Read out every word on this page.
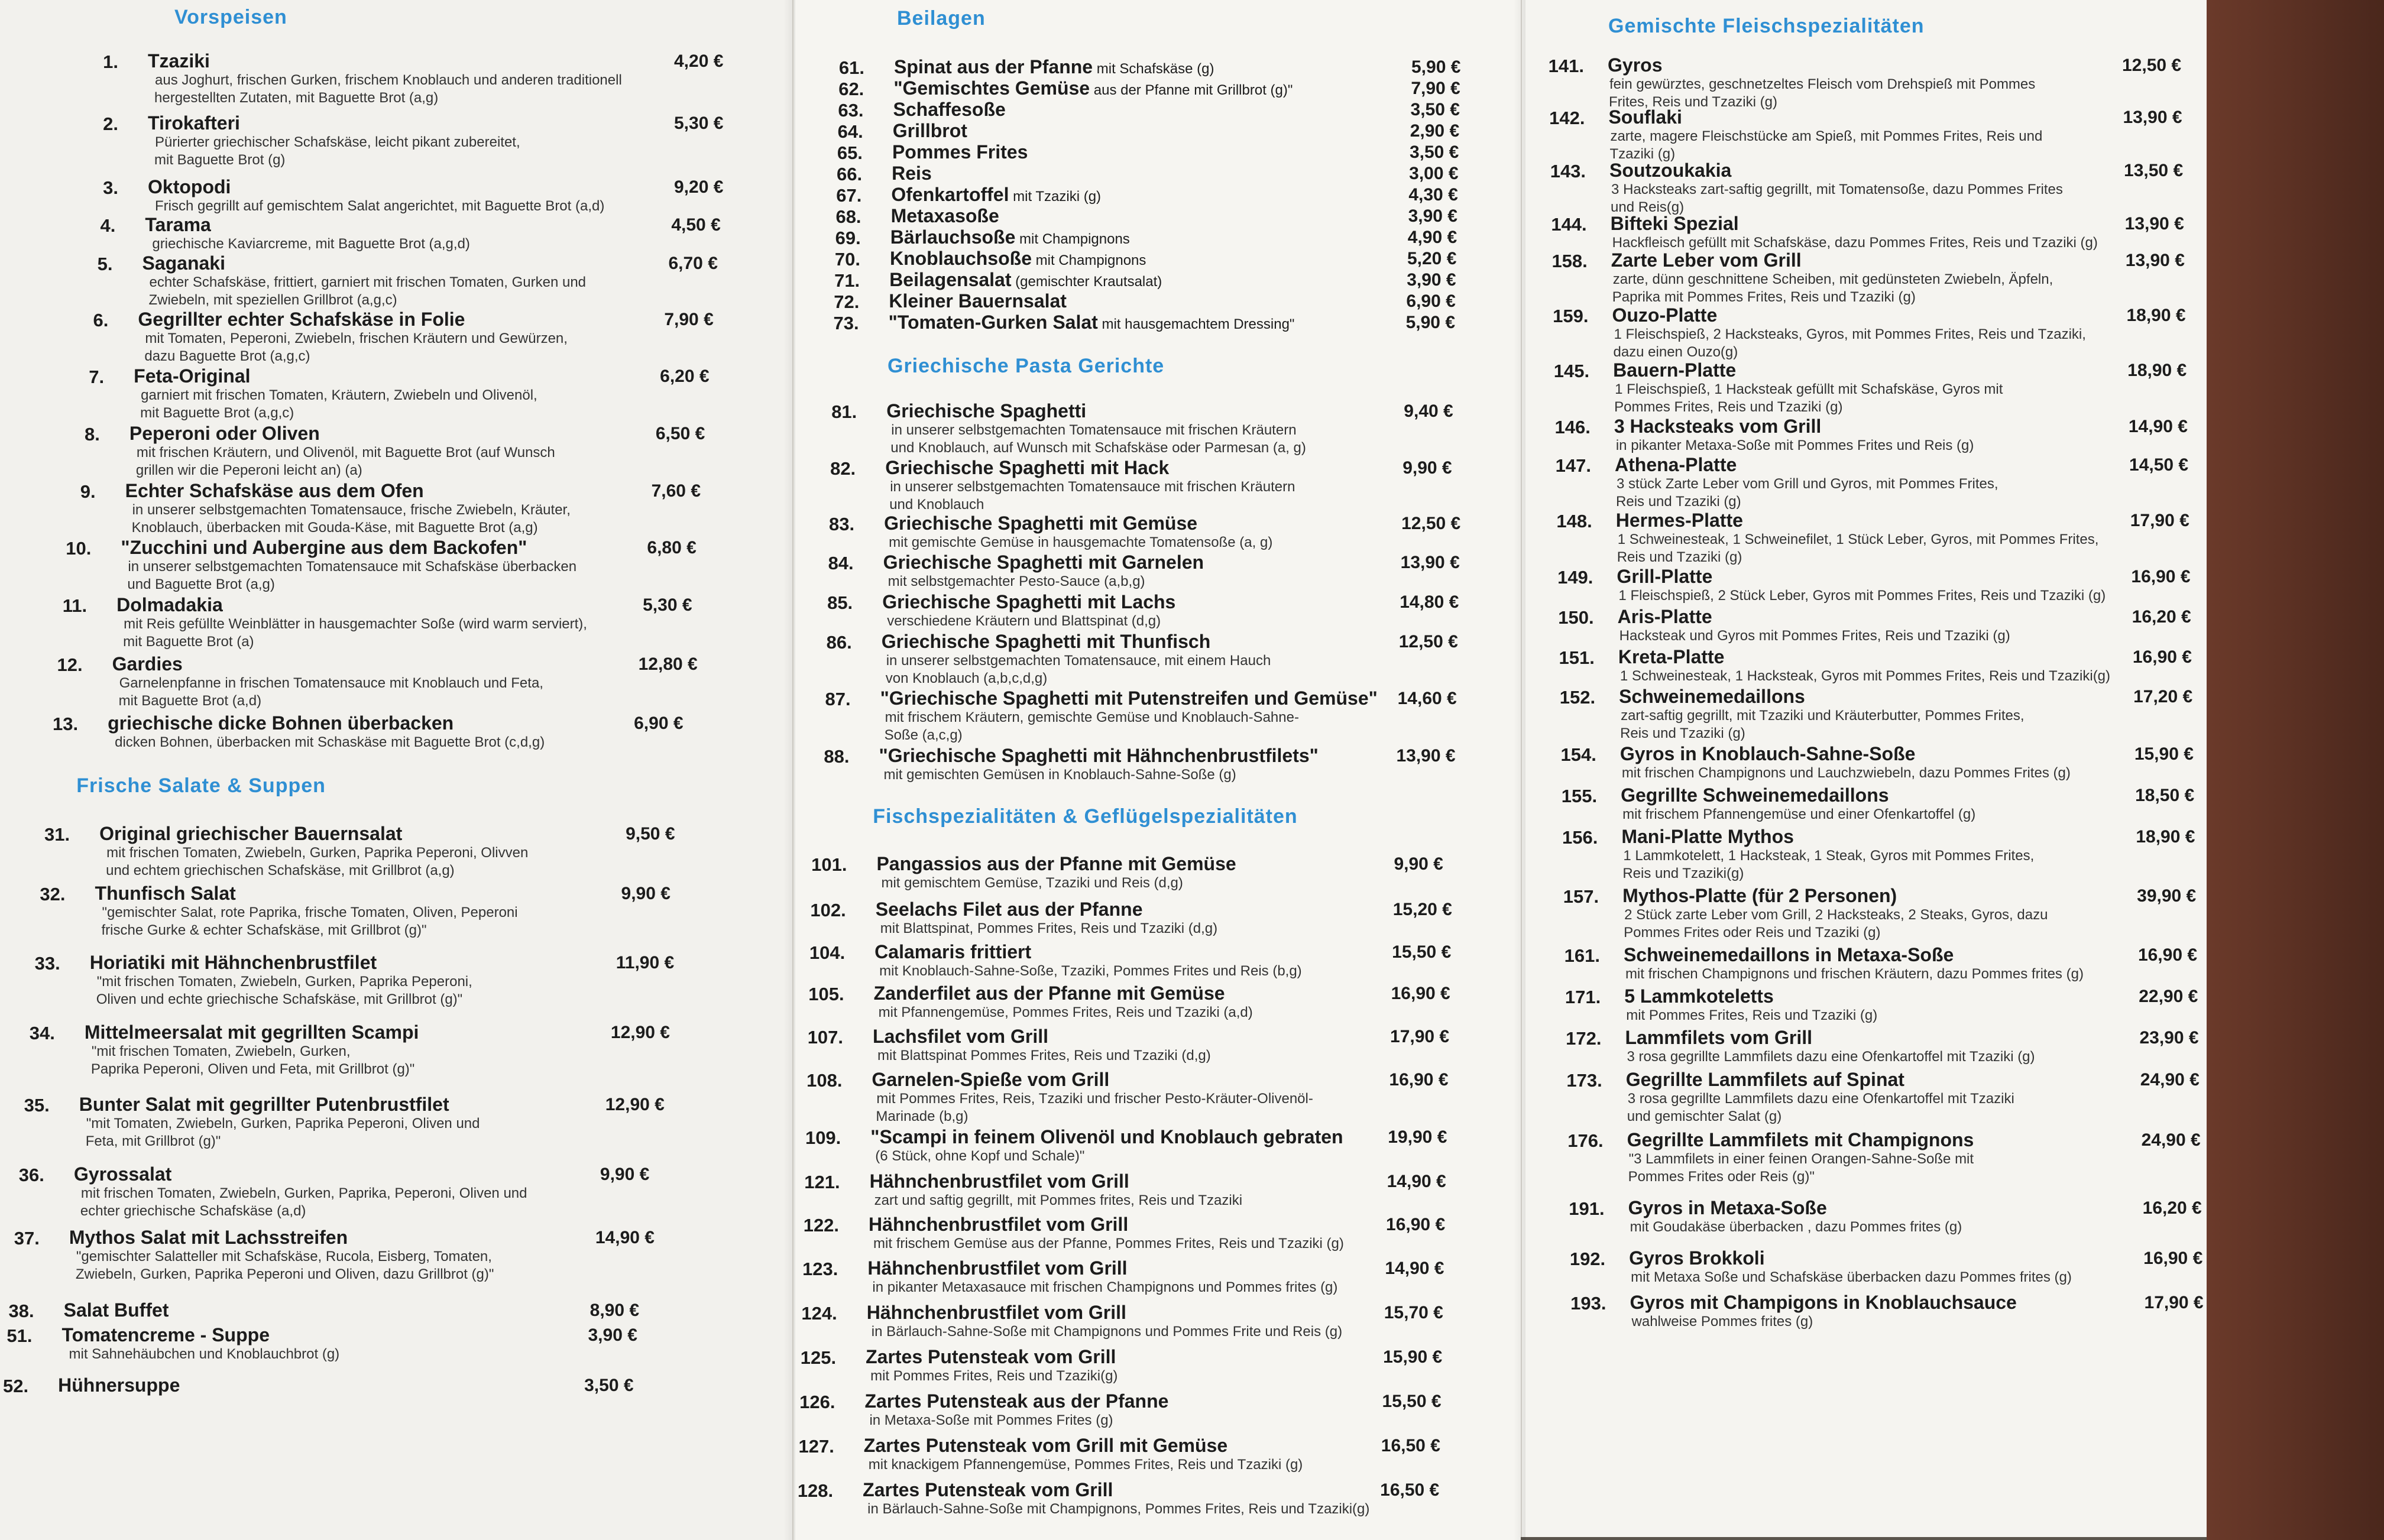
Vorspeisen
1. Tzaziki
aus Joghurt, frischen Gurken, frischem Knoblauch und anderen traditionell
hergestellten Zutaten, mit Baguette Brot (a,g)
4,20 €
2. Tirokafteri
Pürierter griechischer Schafskäse, leicht pikant zubereitet,
mit Baguette Brot (g)
5,30 €
3. Oktopodi
Frisch gegrillt auf gemischtem Salat angerichtet, mit Baguette Brot (a,d)
9,20 €
4. Tarama
griechische Kaviarcreme, mit Baguette Brot (a,g,d)
4,50 €
5. Saganaki
echter Schafskäse, frittiert, garniert mit frischen Tomaten, Gurken und
Zwiebeln, mit speziellen Grillbrot (a,g,c)
6,70 €
6. Gegrillter echter Schafskäse in Folie
mit Tomaten, Peperoni, Zwiebeln, frischen Kräutern und Gewürzen,
dazu Baguette Brot (a,g,c)
7,90 €
7. Feta-Original
garniert mit frischen Tomaten, Kräutern, Zwiebeln und Olivenöl,
mit Baguette Brot (a,g,c)
6,20 €
8. Peperoni oder Oliven
mit frischen Kräutern, und Olivenöl, mit Baguette Brot (auf Wunsch
grillen wir die Peperoni leicht an) (a)
6,50 €
9. Echter Schafskäse aus dem Ofen
in unserer selbstgemachten Tomatensauce, frische Zwiebeln, Kräuter,
Knoblauch, überbacken mit Gouda-Käse, mit Baguette Brot (a,g)
7,60 €
10. "Zucchini und Aubergine aus dem Backofen"
in unserer selbstgemachten Tomatensauce mit Schafskäse überbacken
und Baguette Brot (a,g)
6,80 €
11. Dolmadakia
mit Reis gefüllte Weinblätter in hausgemachter Soße (wird warm serviert),
mit Baguette Brot (a)
5,30 €
12. Gardies
Garnelenpfanne in frischen Tomatensauce mit Knoblauch und Feta,
mit Baguette Brot (a,d)
12,80 €
13. griechische dicke Bohnen überbacken
dicken Bohnen, überbacken mit Schaskäse mit Baguette Brot (c,d,g)
6,90 €
Frische Salate & Suppen
31. Original griechischer Bauernsalat
mit frischen Tomaten, Zwiebeln, Gurken, Paprika Peperoni, Olivven
und echtem griechischen Schafskäse, mit Grillbrot (a,g)
9,50 €
32. Thunfisch Salat
"gemischter Salat, rote Paprika, frische Tomaten, Oliven, Peperoni
frische Gurke & echter Schafskäse, mit Grillbrot (g)"
9,90 €
33. Horiatiki mit Hähnchenbrustfilet
"mit frischen Tomaten, Zwiebeln, Gurken, Paprika Peperoni,
Oliven und echte griechische Schafskäse, mit Grillbrot (g)"
11,90 €
34. Mittelmeersalat mit gegrillten Scampi
"mit frischen Tomaten, Zwiebeln, Gurken,
Paprika Peperoni, Oliven und Feta, mit Grillbrot (g)"
12,90 €
35. Bunter Salat mit gegrillter Putenbrustfilet
"mit Tomaten, Zwiebeln, Gurken, Paprika Peperoni, Oliven und
Feta, mit Grillbrot (g)"
12,90 €
36. Gyrossalat
mit frischen Tomaten, Zwiebeln, Gurken, Paprika, Peperoni, Oliven und
echter griechische Schafskäse (a,d)
9,90 €
37. Mythos Salat mit Lachsstreifen
"gemischter Salatteller mit Schafskäse, Rucola, Eisberg, Tomaten,
Zwiebeln, Gurken, Paprika Peperoni und Oliven, dazu Grillbrot (g)"
14,90 €
38. Salat Buffet	8,90 €
51. Tomatencreme - Suppe
mit Sahnehäubchen und Knoblauchbrot (g)
3,90 €
52. Hühnersuppe	3,50 €
Beilagen
61. Spinat aus der Pfanne mit Schafskäse (g)	5,90 €
62. "Gemischtes Gemüse aus der Pfanne mit Grillbrot (g)"	7,90 €
63. Schaffesoße	3,50 €
64. Grillbrot	2,90 €
65. Pommes Frites	3,50 €
66. Reis	3,00 €
67. Ofenkartoffel mit Tzaziki (g)	4,30 €
68. Metaxasoße	3,90 €
69. Bärlauchsoße mit Champignons	4,90 €
70. Knoblauchsoße mit Champignons	5,20 €
71. Beilagensalat (gemischter Krautsalat)	3,90 €
72. Kleiner Bauernsalat	6,90 €
73. "Tomaten-Gurken Salat mit hausgemachtem Dressing"	5,90 €
Griechische Pasta Gerichte
81. Griechische Spaghetti
in unserer selbstgemachten Tomatensauce mit frischen Kräutern
und Knoblauch, auf Wunsch mit Schafskäse oder Parmesan (a, g)
9,40 €
82. Griechische Spaghetti mit Hack
in unserer selbstgemachten Tomatensauce mit frischen Kräutern
und Knoblauch
9,90 €
83. Griechische Spaghetti mit Gemüse
mit gemischte Gemüse in hausgemachte Tomatensoße (a, g)
12,50 €
84. Griechische Spaghetti mit Garnelen
mit selbstgemachter Pesto-Sauce (a,b,g)
13,90 €
85. Griechische Spaghetti mit Lachs
verschiedene Kräutern und Blattspinat (d,g)
14,80 €
86. Griechische Spaghetti mit Thunfisch
in unserer selbstgemachten Tomatensauce, mit einem Hauch
von Knoblauch (a,b,c,d,g)
12,50 €
87. "Griechische Spaghetti mit Putenstreifen und Gemüse"
mit frischem Kräutern, gemischte Gemüse und Knoblauch-Sahne-
Soße (a,c,g)
14,60 €
88. "Griechische Spaghetti mit Hähnchenbrustfilets"
mit gemischten Gemüsen in Knoblauch-Sahne-Soße (g)
13,90 €
Fischspezialitäten & Geflügelspezialitäten
101. Pangassios aus der Pfanne mit Gemüse
mit gemischtem Gemüse, Tzaziki und Reis (d,g)
9,90 €
102. Seelachs Filet aus der Pfanne
mit Blattspinat, Pommes Frites, Reis und Tzaziki (d,g)
15,20 €
104. Calamaris frittiert
mit Knoblauch-Sahne-Soße, Tzaziki, Pommes Frites und Reis (b,g)
15,50 €
105. Zanderfilet aus der Pfanne mit Gemüse
mit Pfannengemüse, Pommes Frites, Reis und Tzaziki (a,d)
16,90 €
107. Lachsfilet vom Grill
mit Blattspinat Pommes Frites, Reis und Tzaziki (d,g)
17,90 €
108. Garnelen-Spieße vom Grill
mit Pommes Frites, Reis, Tzaziki und frischer Pesto-Kräuter-Olivenöl-
Marinade (b,g)
16,90 €
109. "Scampi in feinem Olivenöl und Knoblauch gebraten
(6 Stück, ohne Kopf und Schale)"
19,90 €
121. Hähnchenbrustfilet vom Grill
zart und saftig gegrillt, mit Pommes frites, Reis und Tzaziki
14,90 €
122. Hähnchenbrustfilet vom Grill
mit frischem Gemüse aus der Pfanne, Pommes Frites, Reis und Tzaziki (g)
16,90 €
123. Hähnchenbrustfilet vom Grill
in pikanter Metaxasauce mit frischen Champignons und Pommes frites (g)
14,90 €
124. Hähnchenbrustfilet vom Grill
in Bärlauch-Sahne-Soße mit Champignons und Pommes Frite und Reis (g)
15,70 €
125. Zartes Putensteak vom Grill
mit Pommes Frites, Reis und Tzaziki(g)
15,90 €
126. Zartes Putensteak aus der Pfanne
in Metaxa-Soße mit Pommes Frites (g)
15,50 €
127. Zartes Putensteak vom Grill mit Gemüse
mit knackigem Pfannengemüse, Pommes Frites, Reis und Tzaziki (g)
16,50 €
128. Zartes Putensteak vom Grill
in Bärlauch-Sahne-Soße mit Champignons, Pommes Frites, Reis und Tzaziki(g)
16,50 €
Gemischte Fleischspezialitäten
141. Gyros
fein gewürztes, geschnetzeltes Fleisch vom Drehspieß mit Pommes
Frites, Reis und Tzaziki (g)
12,50 €
142. Souflaki
zarte, magere Fleischstücke am Spieß, mit Pommes Frites, Reis und
Tzaziki (g)
13,90 €
143. Soutzoukakia
3 Hacksteaks zart-saftig gegrillt, mit Tomatensoße, dazu Pommes Frites
und Reis(g)
13,50 €
144. Bifteki Spezial
Hackfleisch gefüllt mit Schafskäse, dazu Pommes Frites, Reis und Tzaziki (g)
13,90 €
158. Zarte Leber vom Grill
zarte, dünn geschnittene Scheiben, mit gedünsteten Zwiebeln, Äpfeln,
Paprika mit Pommes Frites, Reis und Tzaziki (g)
13,90 €
159. Ouzo-Platte
1 Fleischspieß, 2 Hacksteaks, Gyros, mit Pommes Frites, Reis und Tzaziki,
dazu einen Ouzo(g)
18,90 €
145. Bauern-Platte
1 Fleischspieß, 1 Hacksteak gefüllt mit Schafskäse, Gyros mit
Pommes Frites, Reis und Tzaziki (g)
18,90 €
146. 3 Hacksteaks vom Grill
in pikanter Metaxa-Soße mit Pommes Frites und Reis (g)
14,90 €
147. Athena-Platte
3 stück Zarte Leber vom Grill und Gyros, mit Pommes Frites,
Reis und Tzaziki (g)
14,50 €
148. Hermes-Platte
1 Schweinesteak, 1 Schweinefilet, 1 Stück Leber, Gyros, mit Pommes Frites,
Reis und Tzaziki (g)
17,90 €
149. Grill-Platte
1 Fleischspieß, 2 Stück Leber, Gyros mit Pommes Frites, Reis und Tzaziki (g)
16,90 €
150. Aris-Platte
Hacksteak und Gyros mit Pommes Frites, Reis und Tzaziki (g)
16,20 €
151. Kreta-Platte
1 Schweinesteak, 1 Hacksteak, Gyros mit Pommes Frites, Reis und Tzaziki(g)
16,90 €
152. Schweinemedaillons
zart-saftig gegrillt, mit Tzaziki und Kräuterbutter, Pommes Frites,
Reis und Tzaziki (g)
17,20 €
154. Gyros in Knoblauch-Sahne-Soße
mit frischen Champignons und Lauchzwiebeln, dazu Pommes Frites (g)
15,90 €
155. Gegrillte Schweinemedaillons
mit frischem Pfannengemüse und einer Ofenkartoffel (g)
18,50 €
156. Mani-Platte Mythos
1 Lammkotelett, 1 Hacksteak, 1 Steak, Gyros mit Pommes Frites,
Reis und Tzaziki(g)
18,90 €
157. Mythos-Platte (für 2 Personen)
2 Stück zarte Leber vom Grill, 2 Hacksteaks, 2 Steaks, Gyros, dazu
Pommes Frites oder Reis und Tzaziki (g)
39,90 €
161. Schweinemedaillons in Metaxa-Soße
mit frischen Champignons und frischen Kräutern, dazu Pommes frites (g)
16,90 €
171. 5 Lammkoteletts
mit Pommes Frites, Reis und Tzaziki (g)
22,90 €
172. Lammfilets vom Grill
3 rosa gegrillte Lammfilets dazu eine Ofenkartoffel mit Tzaziki (g)
23,90 €
173. Gegrillte Lammfilets auf Spinat
3 rosa gegrillte Lammfilets dazu eine Ofenkartoffel mit Tzaziki
und gemischter Salat (g)
24,90 €
176. Gegrillte Lammfilets mit Champignons
"3 Lammfilets in einer feinen Orangen-Sahne-Soße mit
Pommes Frites oder Reis (g)"
24,90 €
191. Gyros in Metaxa-Soße
mit Goudakäse überbacken , dazu Pommes frites (g)
16,20 €
192. Gyros Brokkoli
mit Metaxa Soße und Schafskäse überbacken dazu Pommes frites (g)
16,90 €
193. Gyros mit Champigons in Knoblauchsauce
wahlweise Pommes frites (g)
17,90 €
